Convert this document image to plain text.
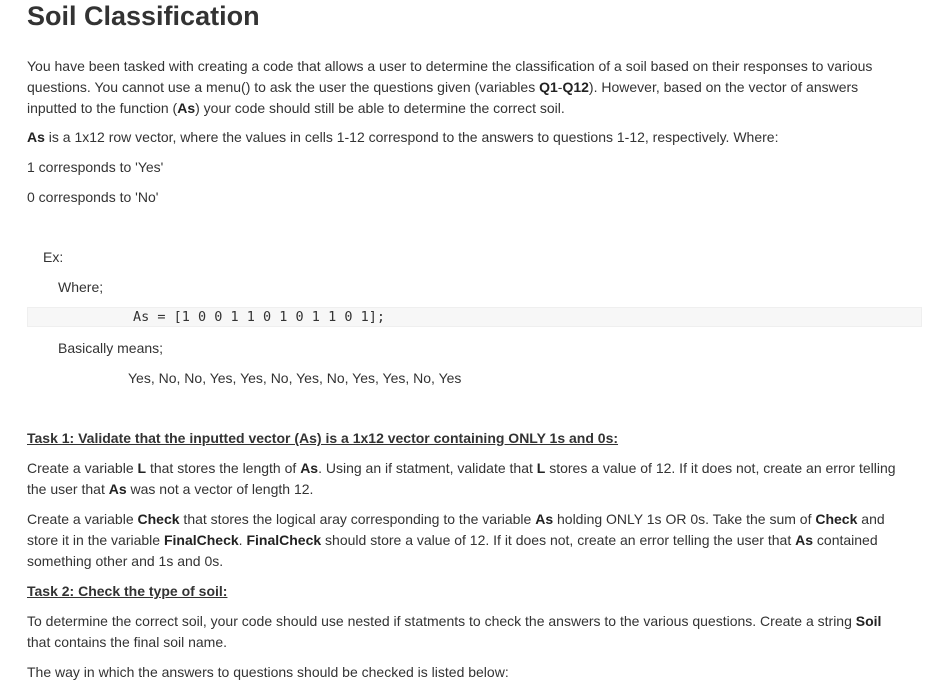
Soil Classification

You have been tasked with creating a code that allows a user to determine the classification of a soil based on their responses to various questions. You cannot use a menu() to ask the user the questions given (variables Q1-Q12). However, based on the vector of answers inputted to the function (As) your code should still be able to determine the correct soil.

As is a 1x12 row vector, where the values in cells 1-12 correspond to the answers to questions 1-12, respectively. Where:

1 corresponds to 'Yes'

0 corresponds to 'No'

Ex:

Where;

As = [1 0 0 1 1 0 1 0 1 1 0 1];

Basically means;

Yes, No, No, Yes, Yes, No, Yes, No, Yes, Yes, No, Yes

Task 1: Validate that the inputted vector (As) is a 1x12 vector containing ONLY 1s and 0s:

Create a variable L that stores the length of As. Using an if statment, validate that L stores a value of 12. If it does not, create an error telling the user that As was not a vector of length 12.

Create a variable Check that stores the logical aray corresponding to the variable As holding ONLY 1s OR 0s. Take the sum of Check and store it in the variable FinalCheck. FinalCheck should store a value of 12. If it does not, create an error telling the user that As contained something other and 1s and 0s.

Task 2: Check the type of soil:

To determine the correct soil, your code should use nested if statments to check the answers to the various questions. Create a string Soil that contains the final soil name.

The way in which the answers to questions should be checked is listed below:
